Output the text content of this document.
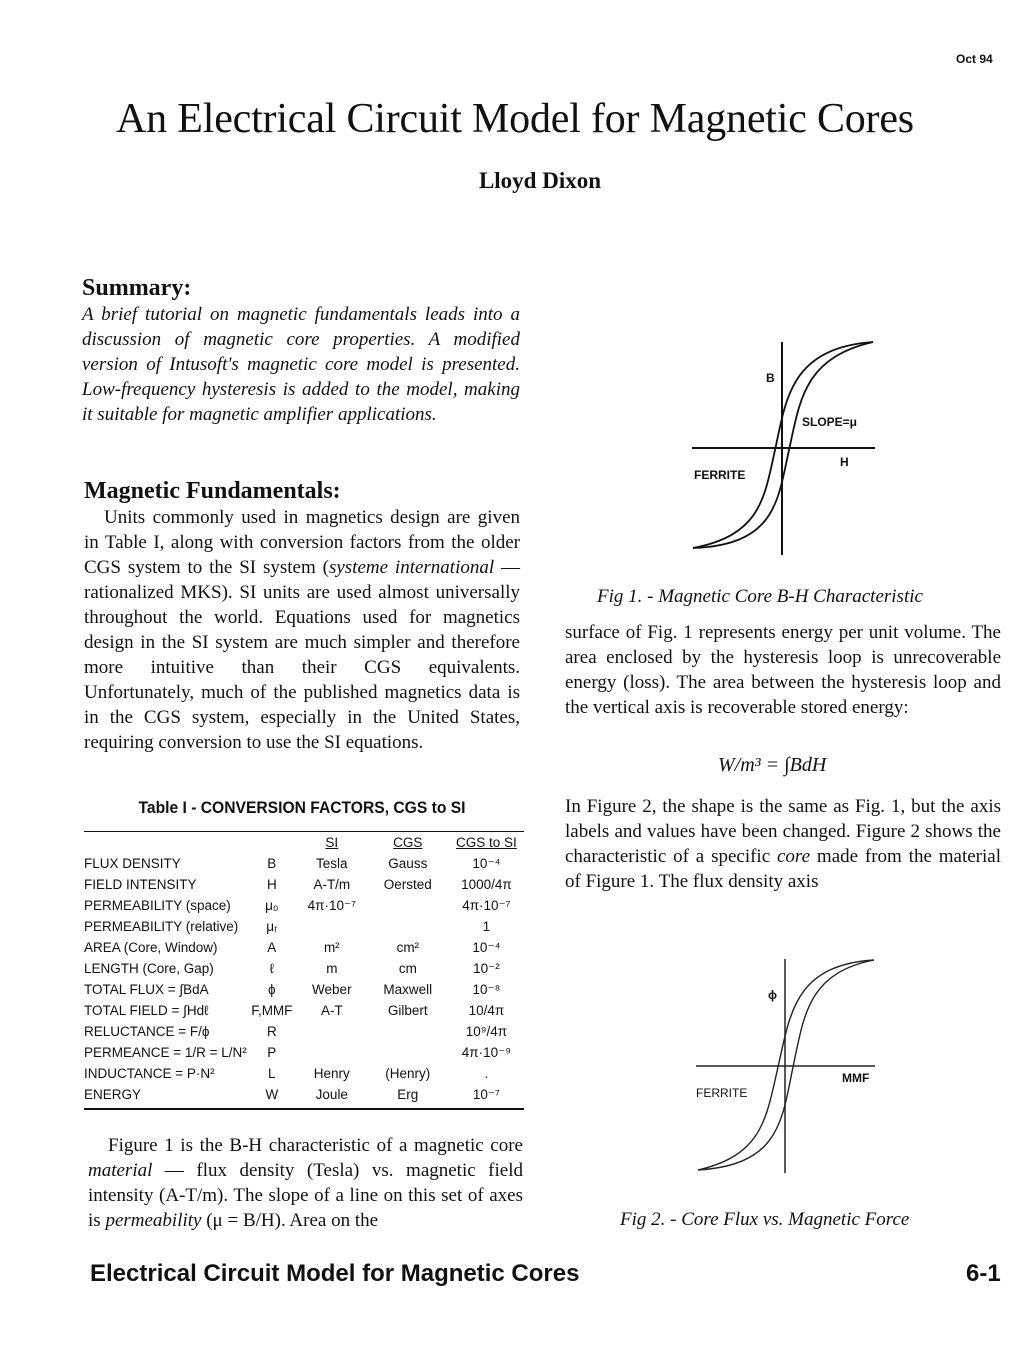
Oct 94
An Electrical Circuit Model for Magnetic Cores
Lloyd Dixon
Summary:
A brief tutorial on magnetic fundamentals leads into a discussion of magnetic core properties. A modified version of Intusoft's magnetic core model is presented. Low-frequency hysteresis is added to the model, making it suitable for magnetic amplifier applications.
Magnetic Fundamentals:
Units commonly used in magnetics design are given in Table I, along with conversion factors from the older CGS system to the SI system (systeme international — rationalized MKS). SI units are used almost universally throughout the world. Equations used for magnetics design in the SI system are much simpler and therefore more intuitive than their CGS equivalents. Unfortunately, much of the published magnetics data is in the CGS system, especially in the United States, requiring conversion to use the SI equations.
Table I - CONVERSION FACTORS, CGS to SI
		SI	CGS	CGS to SI
FLUX DENSITY	B	Tesla	Gauss	10⁻⁴
FIELD INTENSITY	H	A-T/m	Oersted	1000/4π
PERMEABILITY (space)	μ₀	4π·10⁻⁷		4π·10⁻⁷
PERMEABILITY (relative)	μᵣ			1
AREA (Core, Window)	A	m²	cm²	10⁻⁴
LENGTH (Core, Gap)	ℓ	m	cm	10⁻²
TOTAL FLUX = ∫BdA	ϕ	Weber	Maxwell	10⁻⁸
TOTAL FIELD = ∫Hdℓ	F,MMF	A-T	Gilbert	10/4π
RELUCTANCE = F/ϕ	R			10⁹/4π
PERMEANCE = 1/R = L/N²	P			4π·10⁻⁹
INDUCTANCE = P·N²	L	Henry	(Henry)	.
ENERGY	W	Joule	Erg	10⁻⁷
Figure 1 is the B-H characteristic of a magnetic core material — flux density (Tesla) vs. magnetic field intensity (A-T/m). The slope of a line on this set of axes is permeability (μ = B/H). Area on the
B
H
SLOPE=μ
FERRITE
Fig 1. - Magnetic Core B-H Characteristic
surface of Fig. 1 represents energy per unit volume. The area enclosed by the hysteresis loop is unrecoverable energy (loss). The area between the hysteresis loop and the vertical axis is recoverable stored energy:
W/m³ = ∫BdH
In Figure 2, the shape is the same as Fig. 1, but the axis labels and values have been changed. Figure 2 shows the characteristic of a specific core made from the material of Figure 1. The flux density axis
ϕ
MMF
FERRITE
Fig 2. - Core Flux vs. Magnetic Force
Electrical Circuit Model for Magnetic Cores	6-1
